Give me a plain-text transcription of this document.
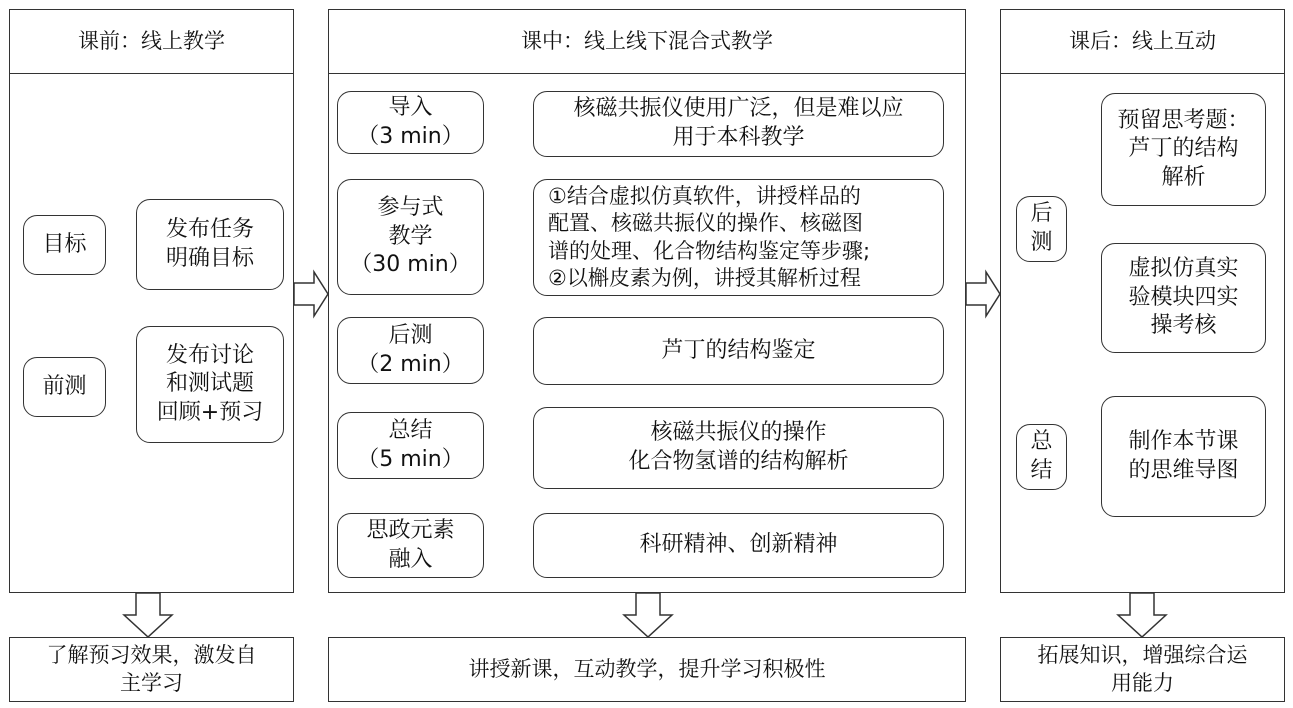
课前：线上教学
目标
前测
发布任务
明确目标
发布讨论
和测试题
回顾+预习
了解预习效果，激发自
主学习
课中：线上线下混合式教学
导入
（3 min）
参与式
教学
（30 min）
后测
（2 min）
总结
（5 min）
思政元素
融入
核磁共振仪使用广泛，但是难以应
用于本科教学
①结合虚拟仿真软件，讲授样品的
配置、核磁共振仪的操作、核磁图
谱的处理、化合物结构鉴定等步骤;
②以槲皮素为例，讲授其解析过程
芦丁的结构鉴定
核磁共振仪的操作
化合物氢谱的结构解析
科研精神、创新精神
讲授新课，互动教学，提升学习积极性
课后：线上互动
后
测
预留思考题：
芦丁的结构
解析
虚拟仿真实
验模块四实
操考核
总
结
制作本节课
的思维导图
拓展知识，增强综合运
用能力
